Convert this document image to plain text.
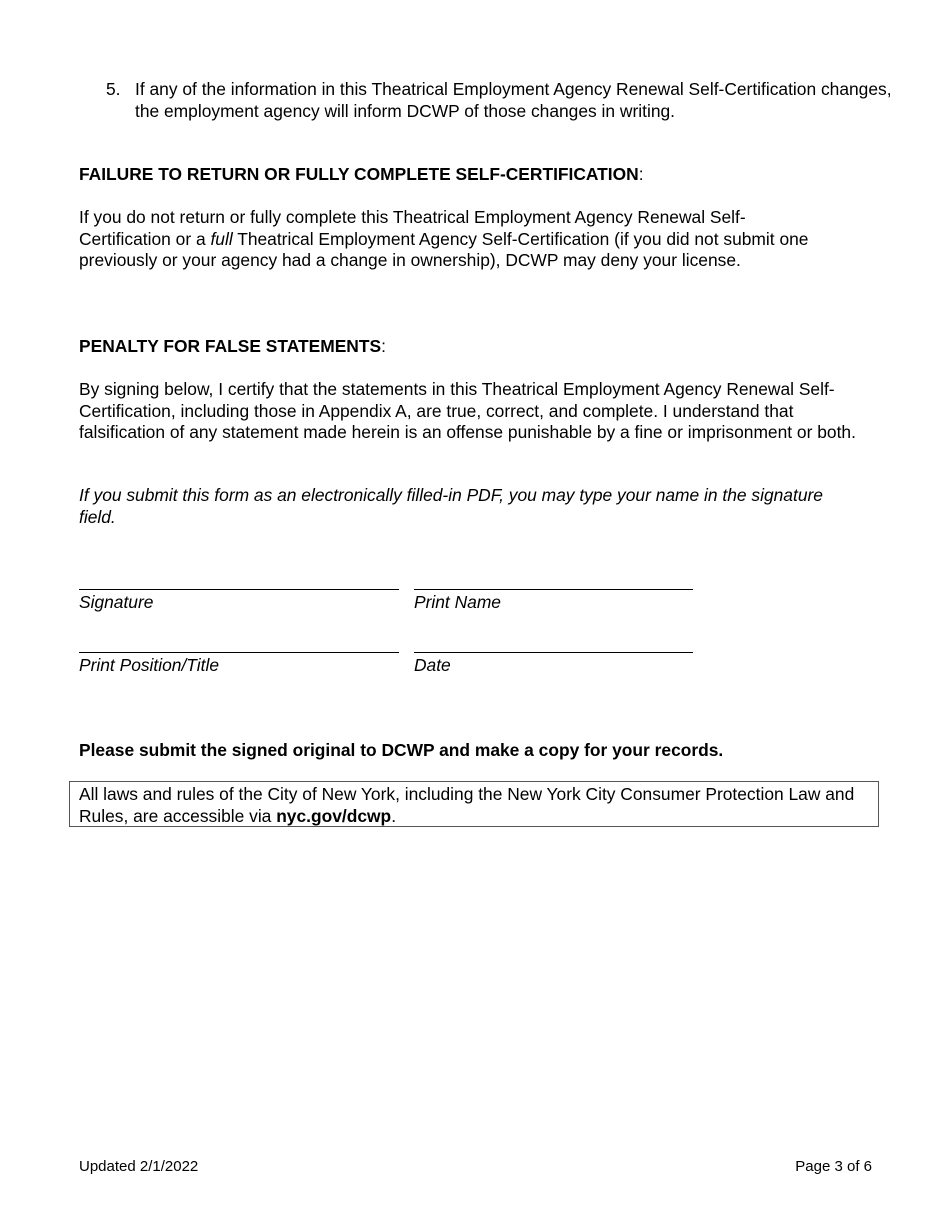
5. If any of the information in this Theatrical Employment Agency Renewal Self-Certification changes, the employment agency will inform DCWP of those changes in writing.
FAILURE TO RETURN OR FULLY COMPLETE SELF-CERTIFICATION:
If you do not return or fully complete this Theatrical Employment Agency Renewal Self-Certification or a full Theatrical Employment Agency Self-Certification (if you did not submit one previously or your agency had a change in ownership), DCWP may deny your license.
PENALTY FOR FALSE STATEMENTS:
By signing below, I certify that the statements in this Theatrical Employment Agency Renewal Self-Certification, including those in Appendix A, are true, correct, and complete. I understand that falsification of any statement made herein is an offense punishable by a fine or imprisonment or both.
If you submit this form as an electronically filled-in PDF, you may type your name in the signature field.
Signature	Print Name
Print Position/Title	Date
Please submit the signed original to DCWP and make a copy for your records.
All laws and rules of the City of New York, including the New York City Consumer Protection Law and Rules, are accessible via nyc.gov/dcwp.
Updated 2/1/2022	Page 3 of 6
